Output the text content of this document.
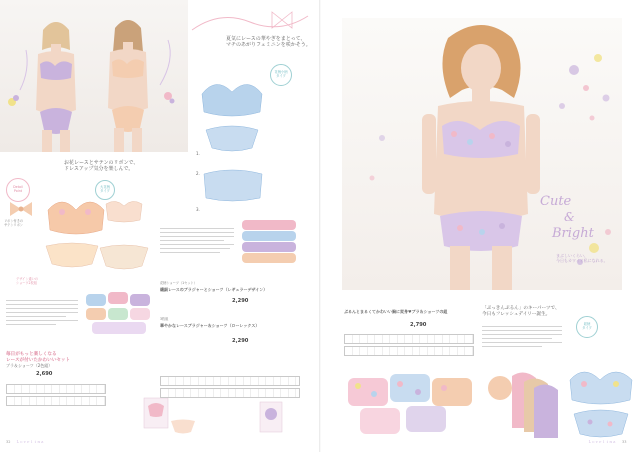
お花レースとサテンのリボンで、
ドレスアップ気分を楽しんで。
大花柄
タイプ
Detail
Point
リボン付きの
サテンリボン
デザイン違いの
ショーツ2枚組
毎日がもっと楽しくなる
レースが付いたかわいいセット
ブラ＆ショーツ（2色組）
2,690
夏気にレースの華やぎをまとって、
マチのあがりフェミニンを咲かそう。
花柄小柄
タイプ
1.
2.
3.
花柄ショーツ（1セット）
繊細レースのブラジャーとショーツ（レギュラーデザイン）
2,290
3枚組
華やかなレースブラジャー＆ショーツ（ローレックス）
2,290
32 Ｌｏｖｅｌｉｎａ
Cute
&
Bright
まぶしいくらい、
今日もカワイイ私になれる。
ぷるんとまるくてかわいい胸に変身♥ブラ＆ショーツの組
2,790	総柄
タイプ
「ぷっきんぷるん」のキーパーツで、
今日もフレッシュデイリー誕生。
33
Ｌｏｖｅｌｉｎａ
